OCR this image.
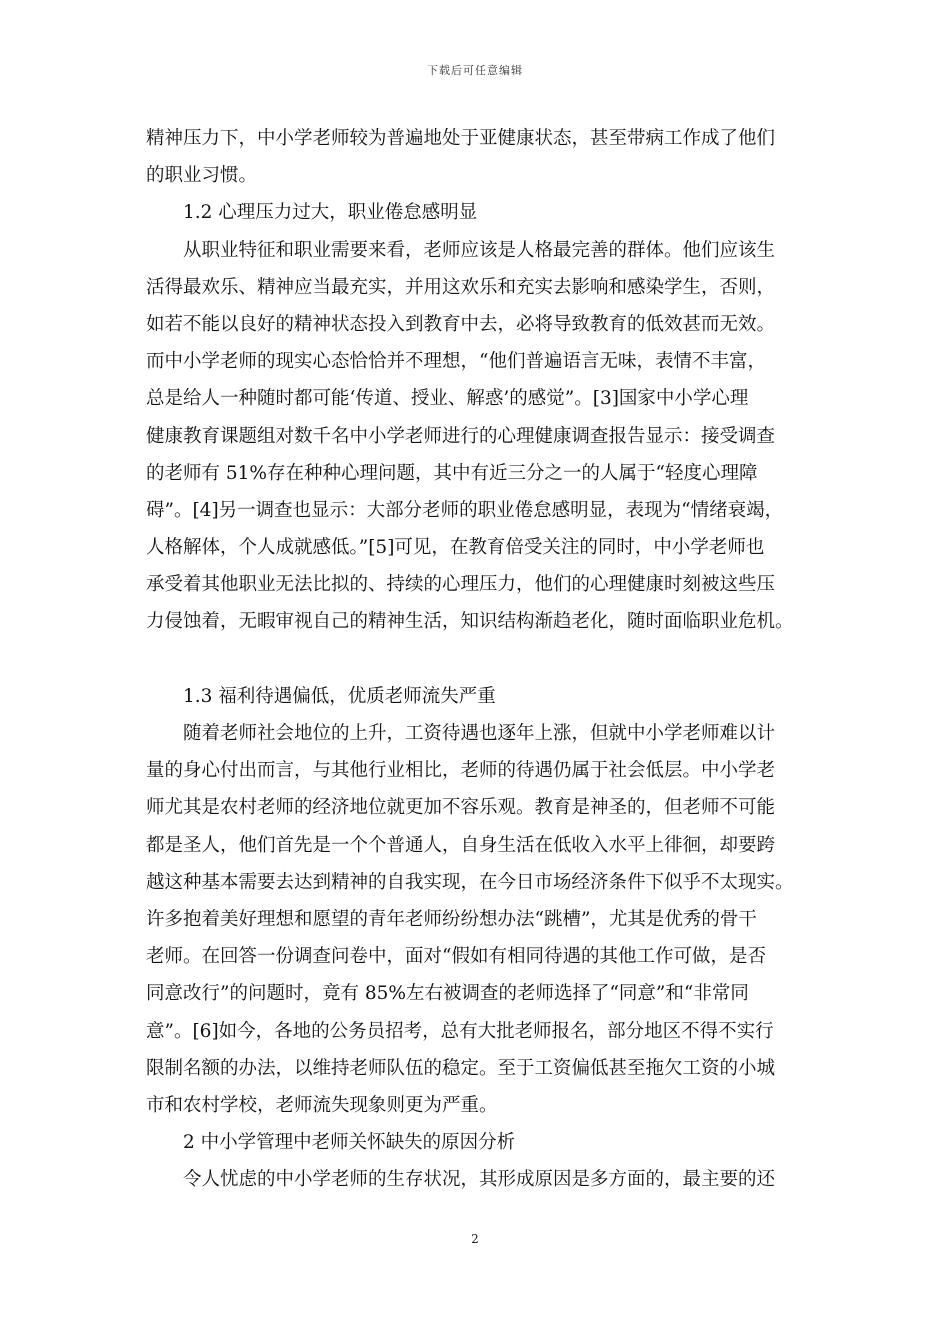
下载后可任意编辑
精神压力下，中小学老师较为普遍地处于亚健康状态，甚至带病工作成了他们
的职业习惯。
1.2 心理压力过大，职业倦怠感明显
从职业特征和职业需要来看，老师应该是人格最完善的群体。他们应该生
活得最欢乐、精神应当最充实，并用这欢乐和充实去影响和感染学生，否则，
如若不能以良好的精神状态投入到教育中去，必将导致教育的低效甚而无效。
而中小学老师的现实心态恰恰并不理想，“他们普遍语言无味，表情不丰富，
总是给人一种随时都可能‘传道、授业、解惑’的感觉”。[3]国家中小学心理
健康教育课题组对数千名中小学老师进行的心理健康调查报告显示：接受调查
的老师有 51%存在种种心理问题，其中有近三分之一的人属于“轻度心理障
碍”。[4]另一调查也显示：大部分老师的职业倦怠感明显，表现为“情绪衰竭，
人格解体，个人成就感低。”[5]可见，在教育倍受关注的同时，中小学老师也
承受着其他职业无法比拟的、持续的心理压力，他们的心理健康时刻被这些压
力侵蚀着，无暇审视自己的精神生活，知识结构渐趋老化，随时面临职业危机。
1.3 福利待遇偏低，优质老师流失严重
随着老师社会地位的上升，工资待遇也逐年上涨，但就中小学老师难以计
量的身心付出而言，与其他行业相比，老师的待遇仍属于社会低层。中小学老
师尤其是农村老师的经济地位就更加不容乐观。教育是神圣的，但老师不可能
都是圣人，他们首先是一个个普通人，自身生活在低收入水平上徘徊，却要跨
越这种基本需要去达到精神的自我实现，在今日市场经济条件下似乎不太现实。
许多抱着美好理想和愿望的青年老师纷纷想办法“跳槽”，尤其是优秀的骨干
老师。在回答一份调查问卷中，面对“假如有相同待遇的其他工作可做，是否
同意改行”的问题时，竟有 85%左右被调查的老师选择了“同意”和“非常同
意”。[6]如今，各地的公务员招考，总有大批老师报名，部分地区不得不实行
限制名额的办法，以维持老师队伍的稳定。至于工资偏低甚至拖欠工资的小城
市和农村学校，老师流失现象则更为严重。
2 中小学管理中老师关怀缺失的原因分析
令人忧虑的中小学老师的生存状况，其形成原因是多方面的，最主要的还
2
